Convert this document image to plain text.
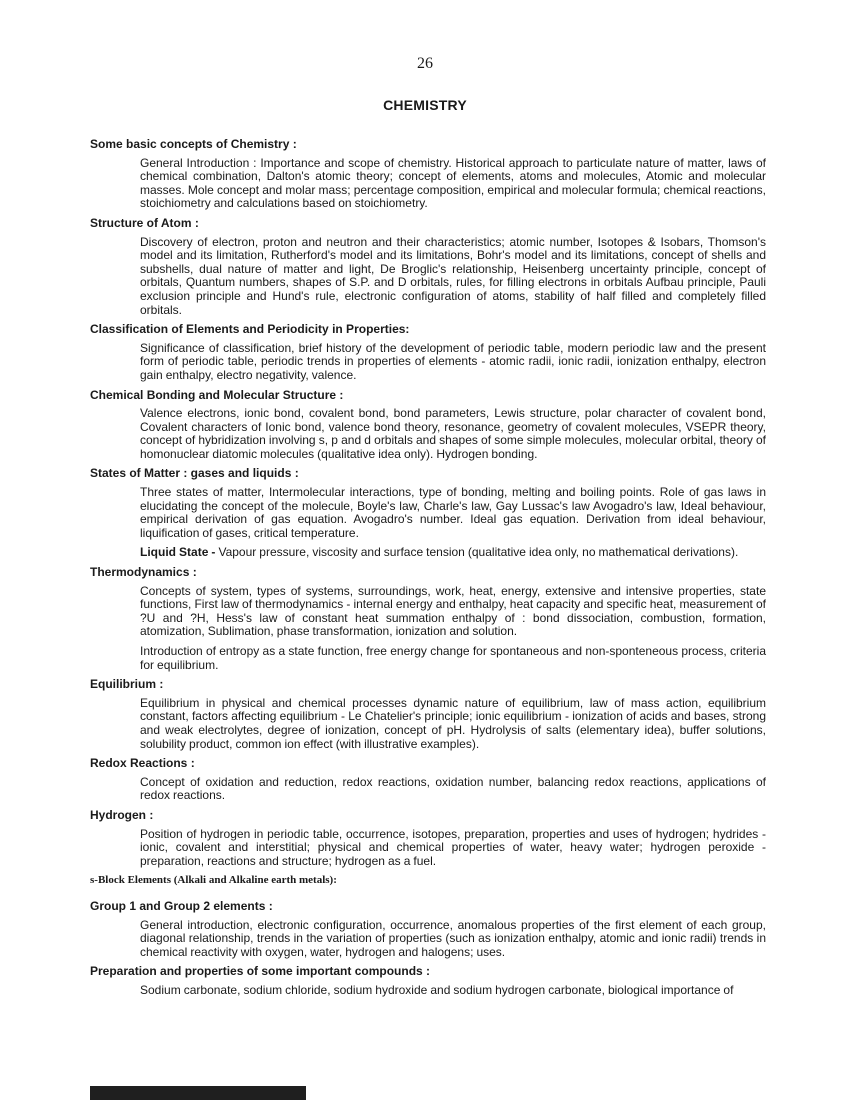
26
CHEMISTRY
Some basic concepts of Chemistry :
General Introduction : Importance and scope of chemistry. Historical approach to particulate nature of matter, laws of chemical combination, Dalton's atomic theory; concept of elements, atoms and molecules, Atomic and molecular masses. Mole concept and molar mass; percentage composition, empirical and molecular formula; chemical reactions, stoichiometry and calculations based on stoichiometry.
Structure of Atom :
Discovery of electron, proton and neutron and their characteristics; atomic number, Isotopes & Isobars, Thomson's model and its limitation, Rutherford's model and its limitations, Bohr's model and its limitations, concept of shells and subshells, dual nature of matter and light, De Broglic's relationship, Heisenberg uncertainty principle, concept of orbitals, Quantum numbers, shapes of S.P. and D orbitals, rules, for filling electrons in orbitals Aufbau principle, Pauli exclusion principle and Hund's rule, electronic configuration of atoms, stability of half filled and completely filled orbitals.
Classification of Elements and Periodicity in Properties:
Significance of classification, brief history of the development of periodic table, modern periodic law and the present form of periodic table, periodic trends in properties of elements - atomic radii, ionic radii, ionization enthalpy, electron gain enthalpy, electro negativity, valence.
Chemical Bonding and Molecular Structure :
Valence electrons, ionic bond, covalent bond, bond parameters, Lewis structure, polar character of covalent bond, Covalent characters of Ionic bond, valence bond theory, resonance, geometry of covalent molecules, VSEPR theory, concept of hybridization involving s, p and d orbitals and shapes of some simple molecules, molecular orbital, theory of homonuclear diatomic molecules (qualitative idea only). Hydrogen bonding.
States of Matter : gases and liquids :
Three states of matter, Intermolecular interactions, type of bonding, melting and boiling points. Role of gas laws in elucidating the concept of the molecule, Boyle's law, Charle's law, Gay Lussac's law Avogadro's law, Ideal behaviour, empirical derivation of gas equation. Avogadro's number. Ideal gas equation. Derivation from ideal behaviour, liquification of gases, critical temperature.
Liquid State - Vapour pressure, viscosity and surface tension (qualitative idea only, no mathematical derivations).
Thermodynamics :
Concepts of system, types of systems, surroundings, work, heat, energy, extensive and intensive properties, state functions, First law of thermodynamics - internal energy and enthalpy, heat capacity and specific heat, measurement of ?U and ?H, Hess's law of constant heat summation enthalpy of : bond dissociation, combustion, formation, atomization, Sublimation, phase transformation, ionization and solution.
Introduction of entropy as a state function, free energy change for spontaneous and non-sponteneous process, criteria for equilibrium.
Equilibrium :
Equilibrium in physical and chemical processes dynamic nature of equilibrium, law of mass action, equilibrium constant, factors affecting equilibrium - Le Chatelier's principle; ionic equilibrium - ionization of acids and bases, strong and weak electrolytes, degree of ionization, concept of pH. Hydrolysis of salts (elementary idea), buffer solutions, solubility product, common ion effect (with illustrative examples).
Redox Reactions :
Concept of oxidation and reduction, redox reactions, oxidation number, balancing redox reactions, applications of redox reactions.
Hydrogen :
Position of hydrogen in periodic table, occurrence, isotopes, preparation, properties and uses of hydrogen; hydrides - ionic, covalent and interstitial; physical and chemical properties of water, heavy water; hydrogen peroxide - preparation, reactions and structure; hydrogen as a fuel.
s-Block Elements (Alkali and Alkaline earth metals):
Group 1 and Group 2 elements :
General introduction, electronic configuration, occurrence, anomalous properties of the first element of each group, diagonal relationship, trends in the variation of properties (such as ionization enthalpy, atomic and ionic radii) trends in chemical reactivity with oxygen, water, hydrogen and halogens; uses.
Preparation and properties of some important compounds :
Sodium carbonate, sodium chloride, sodium hydroxide and sodium hydrogen carbonate, biological importance of
